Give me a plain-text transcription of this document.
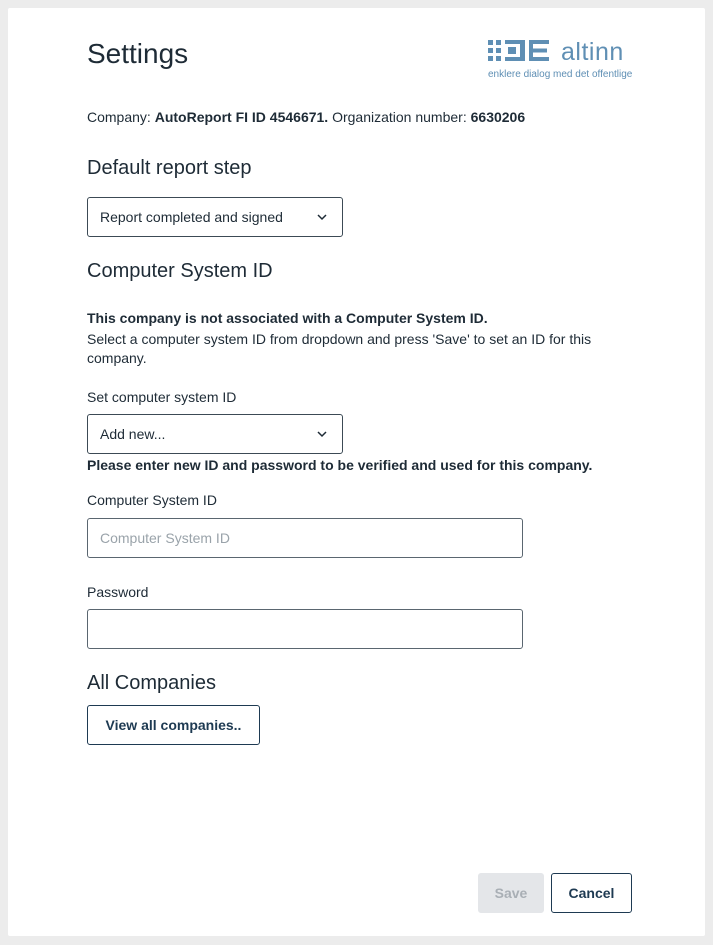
Settings	altinn
enklere dialog med det offentlige
Company: AutoReport FI ID 4546671. Organization number: 6630206
Default report step
Report completed and signed
Computer System ID
This company is not associated with a Computer System ID.
Select a computer system ID from dropdown and press 'Save' to set an ID for this company.
Set computer system ID
Add new...
Please enter new ID and password to be verified and used for this company.
Computer System ID
Computer System ID
Password
All Companies
View all companies..
Save	Cancel
